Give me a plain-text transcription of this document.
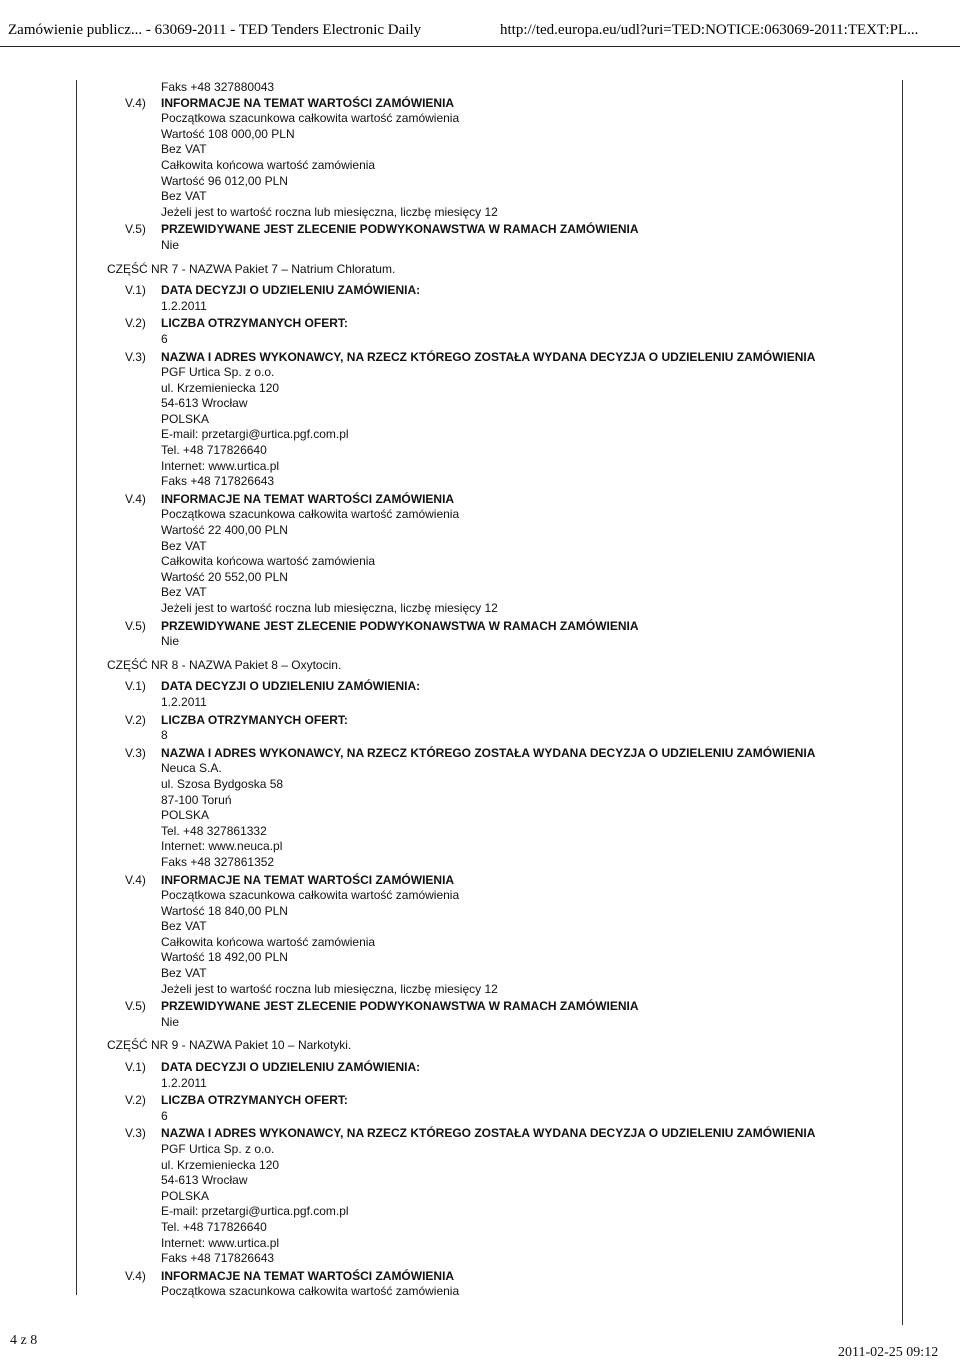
Zamówienie publicz... - 63069-2011 - TED Tenders Electronic Daily	http://ted.europa.eu/udl?uri=TED:NOTICE:063069-2011:TEXT:PL...
Faks +48 327880043
V.4)	INFORMACJE NA TEMAT WARTOŚCI ZAMÓWIENIA
Początkowa szacunkowa całkowita wartość zamówienia
Wartość 108 000,00 PLN
Bez VAT
Całkowita końcowa wartość zamówienia
Wartość 96 012,00 PLN
Bez VAT
Jeżeli jest to wartość roczna lub miesięczna, liczbę miesięcy 12
V.5)	PRZEWIDYWANE JEST ZLECENIE PODWYKONAWSTWA W RAMACH ZAMÓWIENIA
Nie
CZĘŚĆ NR 7 - NAZWA Pakiet 7 – Natrium Chloratum.
V.1)	DATA DECYZJI O UDZIELENIU ZAMÓWIENIA:
1.2.2011
V.2)	LICZBA OTRZYMANYCH OFERT:
6
V.3)	NAZWA I ADRES WYKONAWCY, NA RZECZ KTÓREGO ZOSTAŁA WYDANA DECYZJA O UDZIELENIU ZAMÓWIENIA
PGF Urtica Sp. z o.o.
ul. Krzemieniecka 120
54-613 Wrocław
POLSKA
E-mail: przetargi@urtica.pgf.com.pl
Tel. +48 717826640
Internet: www.urtica.pl
Faks +48 717826643
V.4)	INFORMACJE NA TEMAT WARTOŚCI ZAMÓWIENIA
Początkowa szacunkowa całkowita wartość zamówienia
Wartość 22 400,00 PLN
Bez VAT
Całkowita końcowa wartość zamówienia
Wartość 20 552,00 PLN
Bez VAT
Jeżeli jest to wartość roczna lub miesięczna, liczbę miesięcy 12
V.5)	PRZEWIDYWANE JEST ZLECENIE PODWYKONAWSTWA W RAMACH ZAMÓWIENIA
Nie
CZĘŚĆ NR 8 - NAZWA Pakiet 8 – Oxytocin.
V.1)	DATA DECYZJI O UDZIELENIU ZAMÓWIENIA:
1.2.2011
V.2)	LICZBA OTRZYMANYCH OFERT:
8
V.3)	NAZWA I ADRES WYKONAWCY, NA RZECZ KTÓREGO ZOSTAŁA WYDANA DECYZJA O UDZIELENIU ZAMÓWIENIA
Neuca S.A.
ul. Szosa Bydgoska 58
87-100 Toruń
POLSKA
Tel. +48 327861332
Internet: www.neuca.pl
Faks +48 327861352
V.4)	INFORMACJE NA TEMAT WARTOŚCI ZAMÓWIENIA
Początkowa szacunkowa całkowita wartość zamówienia
Wartość 18 840,00 PLN
Bez VAT
Całkowita końcowa wartość zamówienia
Wartość 18 492,00 PLN
Bez VAT
Jeżeli jest to wartość roczna lub miesięczna, liczbę miesięcy 12
V.5)	PRZEWIDYWANE JEST ZLECENIE PODWYKONAWSTWA W RAMACH ZAMÓWIENIA
Nie
CZĘŚĆ NR 9 - NAZWA Pakiet 10 – Narkotyki.
V.1)	DATA DECYZJI O UDZIELENIU ZAMÓWIENIA:
1.2.2011
V.2)	LICZBA OTRZYMANYCH OFERT:
6
V.3)	NAZWA I ADRES WYKONAWCY, NA RZECZ KTÓREGO ZOSTAŁA WYDANA DECYZJA O UDZIELENIU ZAMÓWIENIA
PGF Urtica Sp. z o.o.
ul. Krzemieniecka 120
54-613 Wrocław
POLSKA
E-mail: przetargi@urtica.pgf.com.pl
Tel. +48 717826640
Internet: www.urtica.pl
Faks +48 717826643
V.4)	INFORMACJE NA TEMAT WARTOŚCI ZAMÓWIENIA
Początkowa szacunkowa całkowita wartość zamówienia
4 z 8
2011-02-25 09:12
